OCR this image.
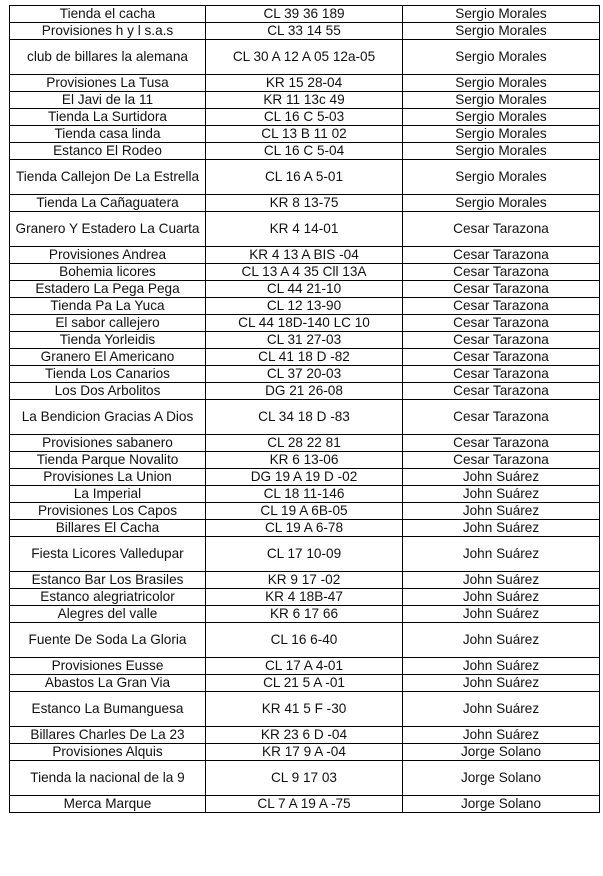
Tienda el cacha	CL 39 36 189	Sergio Morales
Provisiones h y l s.a.s	CL 33 14 55	Sergio Morales
club de billares la alemana	CL 30 A 12 A 05 12a-05	Sergio Morales
Provisiones La Tusa	KR 15 28-04	Sergio Morales
El Javi de la 11	KR 11 13c 49	Sergio Morales
Tienda La Surtidora	CL 16 C 5-03	Sergio Morales
Tienda casa linda	CL 13 B 11 02	Sergio Morales
Estanco El Rodeo	CL 16 C 5-04	Sergio Morales
Tienda Callejon De La Estrella	CL 16 A 5-01	Sergio Morales
Tienda La Cañaguatera	KR 8 13-75	Sergio Morales
Granero Y Estadero La Cuarta	KR 4 14-01	Cesar Tarazona
Provisiones Andrea	KR 4 13 A BIS -04	Cesar Tarazona
Bohemia licores	CL 13 A 4 35 Cll 13A	Cesar Tarazona
Estadero La Pega Pega	CL 44 21-10	Cesar Tarazona
Tienda Pa La Yuca	CL 12 13-90	Cesar Tarazona
El sabor callejero	CL 44 18D-140 LC 10	Cesar Tarazona
Tienda Yorleidis	CL 31 27-03	Cesar Tarazona
Granero El Americano	CL 41 18 D -82	Cesar Tarazona
Tienda Los Canarios	CL 37 20-03	Cesar Tarazona
Los Dos Arbolitos	DG 21 26-08	Cesar Tarazona
La Bendicion Gracias A Dios	CL 34 18 D -83	Cesar Tarazona
Provisiones sabanero	CL 28 22 81	Cesar Tarazona
Tienda Parque Novalito	KR 6 13-06	Cesar Tarazona
Provisiones La Union	DG 19 A 19 D -02	John Suárez
La Imperial	CL 18 11-146	John Suárez
Provisiones Los Capos	CL 19 A 6B-05	John Suárez
Billares El Cacha	CL 19 A 6-78	John Suárez
Fiesta Licores Valledupar	CL 17 10-09	John Suárez
Estanco Bar Los Brasiles	KR 9 17 -02	John Suárez
Estanco alegriatricolor	KR 4 18B-47	John Suárez
Alegres del valle	KR 6 17 66	John Suárez
Fuente De Soda La Gloria	CL 16 6-40	John Suárez
Provisiones Eusse	CL 17 A 4-01	John Suárez
Abastos La Gran Via	CL 21 5 A -01	John Suárez
Estanco La Bumanguesa	KR 41 5 F -30	John Suárez
Billares Charles De La 23	KR 23 6 D -04	John Suárez
Provisiones Alquis	KR 17 9 A -04	Jorge Solano
Tienda la nacional de la 9	CL 9 17 03	Jorge Solano
Merca Marque	CL 7 A 19 A -75	Jorge Solano
